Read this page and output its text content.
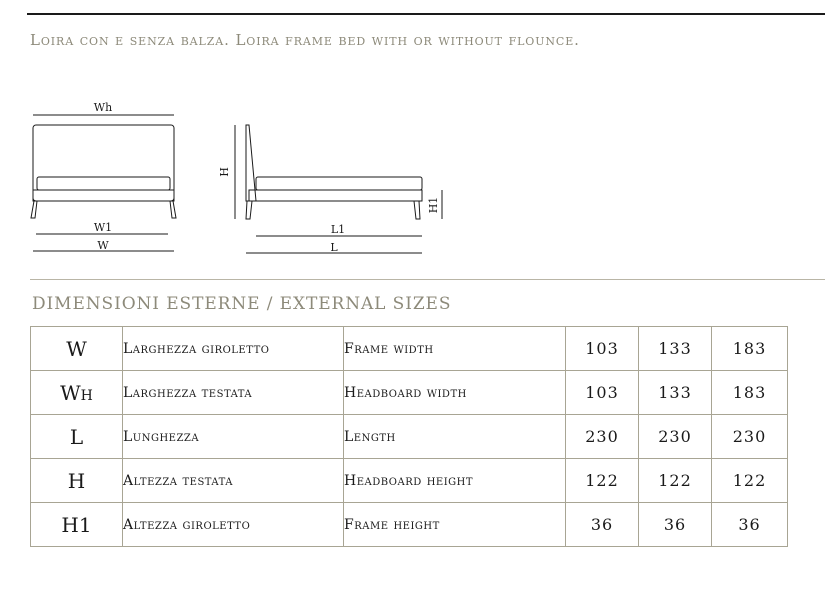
Loira con e senza balza. Loira frame bed with or without flounce.
Wh
W1
W
H
H1
L1
L
DIMENSIONI ESTERNE / EXTERNAL SIZES
W	Larghezza giroletto	Frame width	103	133	183
Wh	Larghezza testata	Headboard width	103	133	183
L	Lunghezza	Length	230	230	230
H	Altezza testata	Headboard height	122	122	122
H1	Altezza giroletto	Frame height	36	36	36
